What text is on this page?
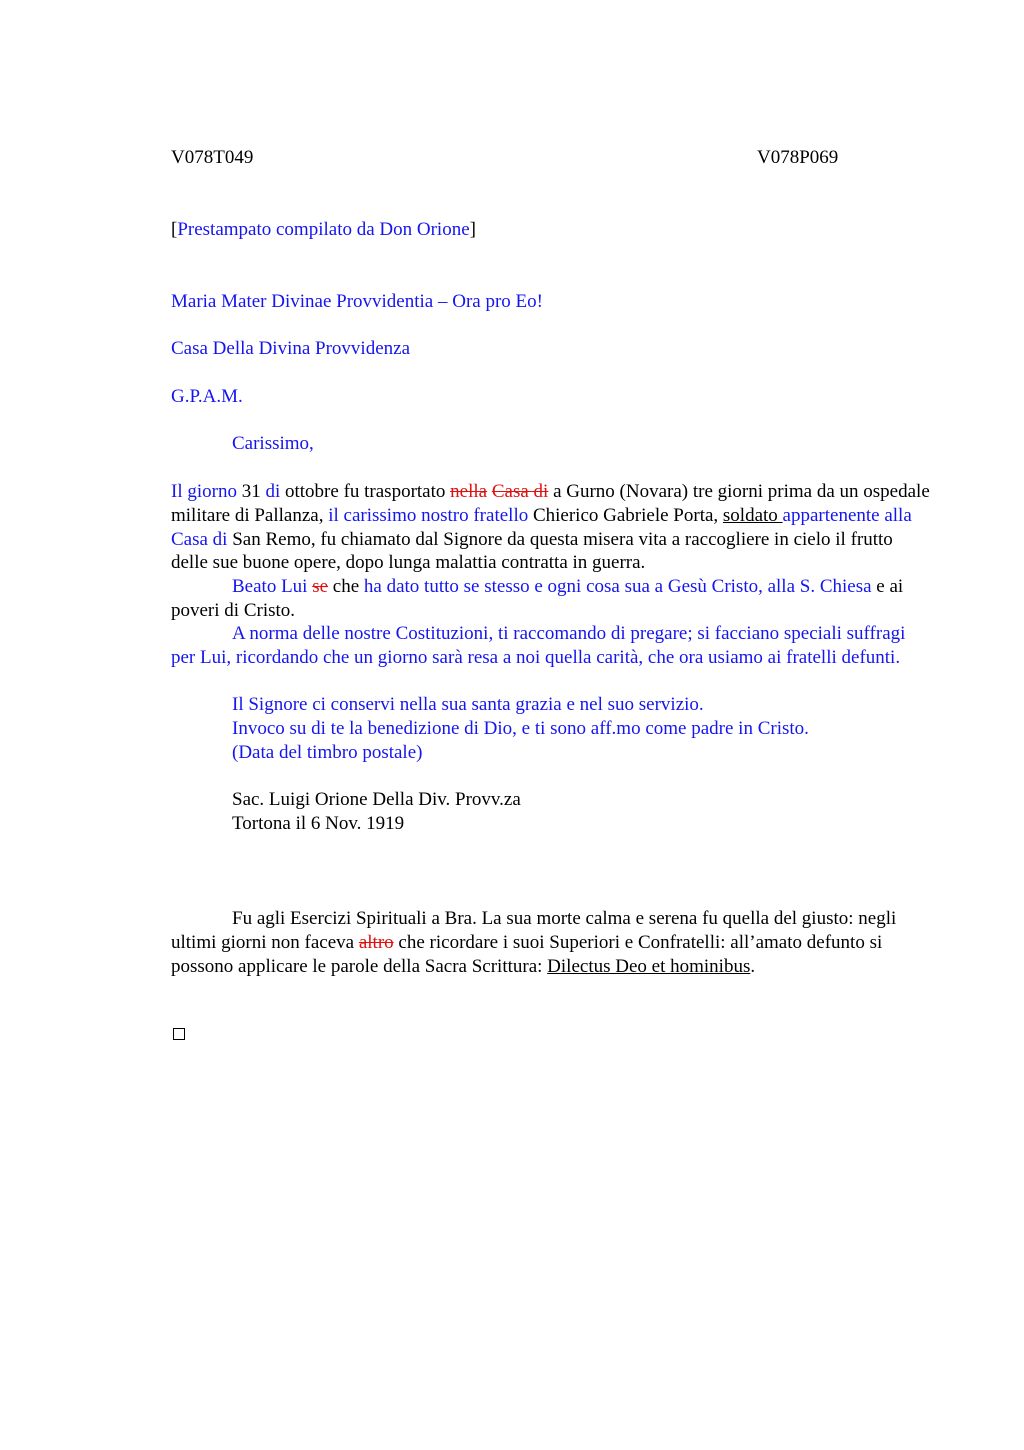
V078T049	V078P069
[Prestampato compilato da Don Orione]
Maria Mater Divinae Provvidentia – Ora pro Eo!
Casa Della Divina Provvidenza
G.P.A.M.
Carissimo,
Il giorno 31 di ottobre fu trasportato nella Casa di a Gurno (Novara) tre giorni prima da un ospedale militare di Pallanza, il carissimo nostro fratello Chierico Gabriele Porta, soldato appartenente alla Casa di San Remo, fu chiamato dal Signore da questa misera vita a raccogliere in cielo il frutto delle sue buone opere, dopo lunga malattia contratta in guerra.
Beato Lui se che ha dato tutto se stesso e ogni cosa sua a Gesù Cristo, alla S. Chiesa e ai poveri di Cristo.
A norma delle nostre Costituzioni, ti raccomando di pregare; si facciano speciali suffragi per Lui, ricordando che un giorno sarà resa a noi quella carità, che ora usiamo ai fratelli defunti.
Il Signore ci conservi nella sua santa grazia e nel suo servizio.
Invoco su di te la benedizione di Dio, e ti sono aff.mo come padre in Cristo.
(Data del timbro postale)
Sac. Luigi Orione Della Div. Provv.za
Tortona il 6 Nov. 1919
Fu agli Esercizi Spirituali a Bra. La sua morte calma e serena fu quella del giusto: negli ultimi giorni non faceva altro che ricordare i suoi Superiori e Confratelli: all’amato defunto si possono applicare le parole della Sacra Scrittura: Dilectus Deo et hominibus.
